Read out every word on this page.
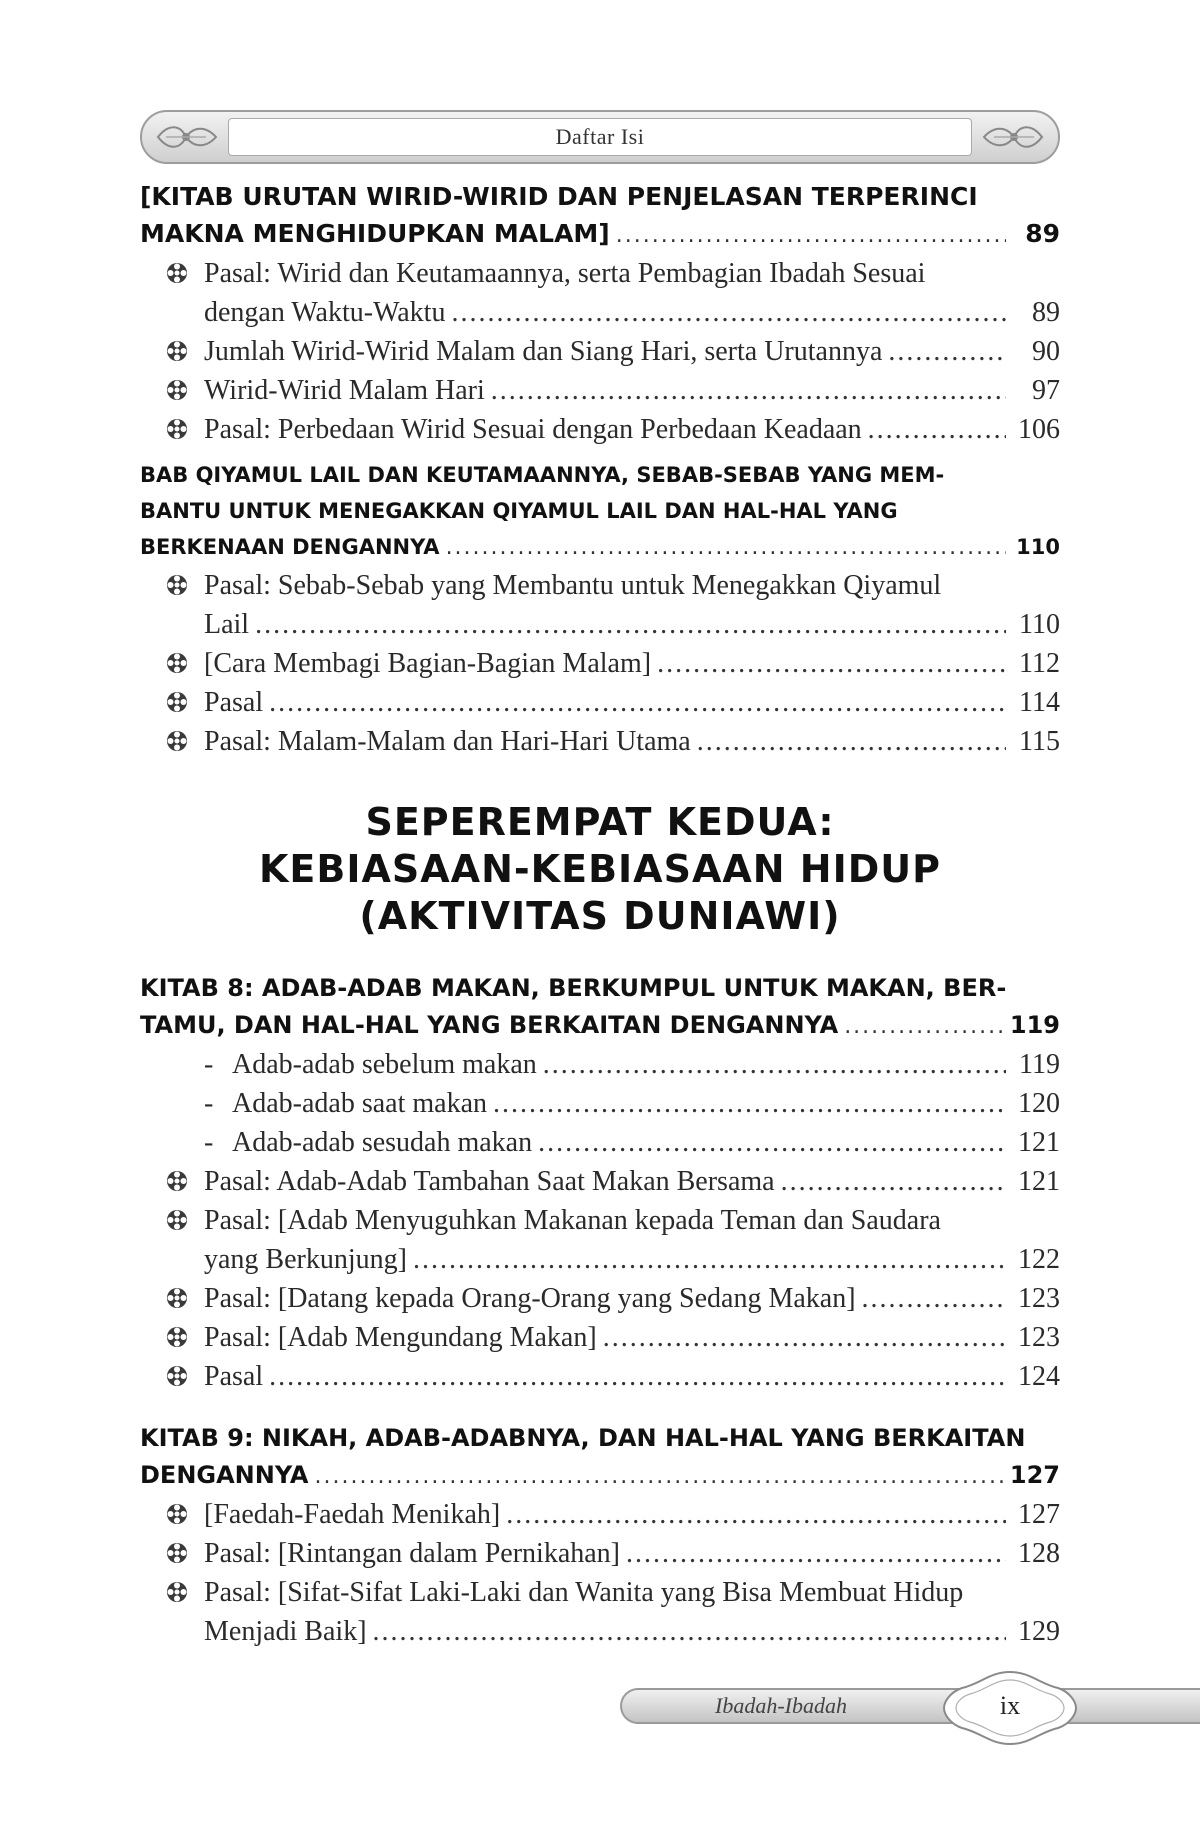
Daftar Isi
[KITAB URUTAN WIRID-WIRID DAN PENJELASAN TERPERINCI
MAKNA MENGHIDUPKAN MALAM] .....	89
Pasal: Wirid dan Keutamaannya, serta Pembagian Ibadah Sesuai
dengan Waktu-Waktu .....	89
Jumlah Wirid-Wirid Malam dan Siang Hari, serta Urutannya .....	90
Wirid-Wirid Malam Hari .....	97
Pasal: Perbedaan Wirid Sesuai dengan Perbedaan Keadaan .....	106
BAB QIYAMUL LAIL DAN KEUTAMAANNYA, SEBAB-SEBAB YANG MEM-
BANTU UNTUK MENEGAKKAN QIYAMUL LAIL DAN HAL-HAL YANG
BERKENAAN DENGANNYA .....	110
Pasal: Sebab-Sebab yang Membantu untuk Menegakkan Qiyamul
Lail .....	110
[Cara Membagi Bagian-Bagian Malam] .....	112
Pasal .....	114
Pasal: Malam-Malam dan Hari-Hari Utama .....	115
SEPEREMPAT KEDUA:
KEBIASAAN-KEBIASAAN HIDUP
(AKTIVITAS DUNIAWI)
KITAB 8: ADAB-ADAB MAKAN, BERKUMPUL UNTUK MAKAN, BER-
TAMU, DAN HAL-HAL YANG BERKAITAN DENGANNYA .....	119
- Adab-adab sebelum makan .....	119
- Adab-adab saat makan .....	120
- Adab-adab sesudah makan .....	121
Pasal: Adab-Adab Tambahan Saat Makan Bersama .....	121
Pasal: [Adab Menyuguhkan Makanan kepada Teman dan Saudara
yang Berkunjung] .....	122
Pasal: [Datang kepada Orang-Orang yang Sedang Makan] .....	123
Pasal: [Adab Mengundang Makan] .....	123
Pasal .....	124
KITAB 9: NIKAH, ADAB-ADABNYA, DAN HAL-HAL YANG BERKAITAN
DENGANNYA .....	127
[Faedah-Faedah Menikah] .....	127
Pasal: [Rintangan dalam Pernikahan] .....	128
Pasal: [Sifat-Sifat Laki-Laki dan Wanita yang Bisa Membuat Hidup
Menjadi Baik] .....	129
Ibadah-Ibadah	ix
